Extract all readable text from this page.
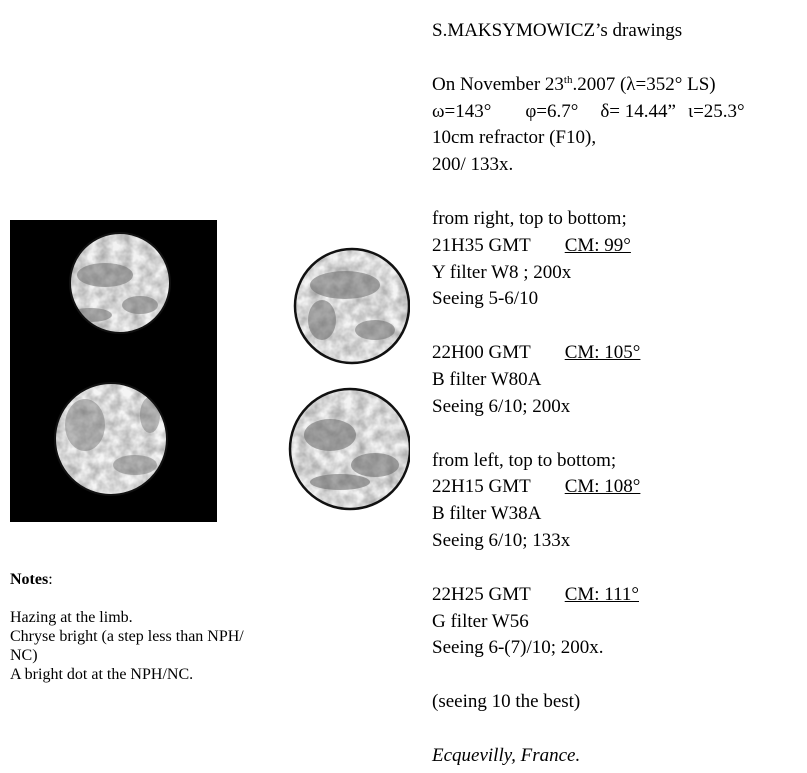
S.MAKSYMOWICZ’s drawings

On November 23th.2007 (λ=352° LS)

ω=143° φ=6.7° δ= 14.44” ι=25.3°

10cm refractor (F10),

200/ 133x.

from right, top to bottom;

21H35 GMT CM: 99°

Y filter W8 ; 200x

Seeing 5-6/10

22H00 GMT CM: 105°

B filter W80A

Seeing 6/10; 200x

from left, top to bottom;

22H15 GMT CM: 108°

B filter W38A

Seeing 6/10; 133x

22H25 GMT CM: 111°

G filter W56

Seeing 6-(7)/10; 200x.

(seeing 10 the best)

Ecquevilly, France.

Notes:

Hazing at the limb.

Chryse bright (a step less than NPH/

NC)

A bright dot at the NPH/NC.
